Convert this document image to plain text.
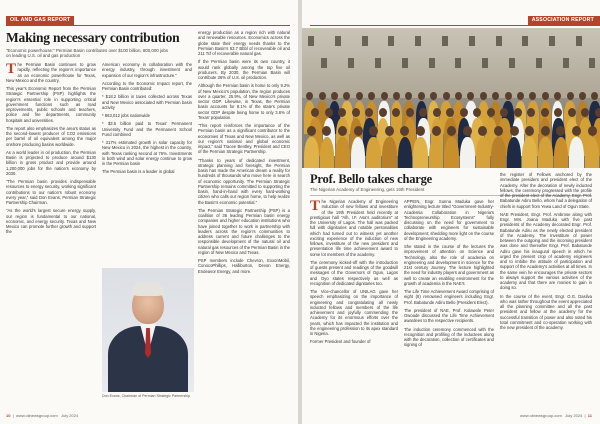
OIL AND GAS REPORT
Making necessary contribution
"Economic powerhouse:" Permian Basin contributes over $100 billion, 800,000 jobs on leading U.S. oil and gas production

The Permian Basin continues to grow rapidly, reflecting the region's importance as an economic powerhouse for Texas, New Mexico and the country.

This year's Economic Report from the Permian Strategic Partnership (PSP) highlights the region's essential role in supporting critical government functions such as road improvements, public schools and teachers, police and fire departments, community hospitals and universities.

The report also emphasizes the area's status as the second-lowest producer of CO2 emissions per barrel of oil equivalent among the major onshore producing basins worldwide.

As a world leader in oil production, the Permian Basin is projected to produce around $130 billion in gross product and provide around 1,200,000 jobs for the nation's economy by 2030.

"The Permian basin provides indispensable resources to energy security, working significant contributions to our nation's robust economy every year," said Don Evans, Permian Strategic Partnership Chairman.

"As the world's largest secure energy supply, our region is fundamental to our national, economic, and energy security. Texas and New Mexico can promote further growth and support the

American economy in collaboration with the energy industry, through investment and expansion of our region's infrastructure."

According to the Economic Impact report, the Permian Basin contributed:

* $18.2 billion in taxes collected across Texas and New Mexico associated with Permian basin activity

* 863,012 jobs nationwide

* $3.6 billion paid to Texas' Permanent University Fund and the Permanent School Fund combined

* 317% estimated growth in solar capacity for New Mexico in 2024, the highest in the country, with Texas ranking second at 76%. Investments in both wind and solar energy continue to grow in the Permian basin

The Permian basin is a leader in global

Don Evans, Chairman of Permian Strategic Partnership

energy production as a region rich with natural and renewable resources. Economics across the globe state their energy needs thanks to the Permian Basin's 93.7 Bbbl of recoverable oil and 211 Tcf of recoverable natural gas.

If the Permian basin were its own country, it would rank globally among the top five oil producers. By 2030, the Permian Basin will contribute 36% of U.S. oil production.

Although the Permian basin is home to only 9.2% of New Mexico's population, the region produces over a quarter, 25.9%, of New Mexico's private sector GDP. Likewise, in Texas, the Permian basin accounts for 8.1% of the state's private sector GDP despite being home to only 3.6% of Texas' population.

"This report reinforces the importance of the Permian basin as a significant contributor to the economies of Texas and New Mexico, as well as our region's national and global economic impact," said Tracee Bentley, President and CEO of the Permian Strategic Partnership.

"Thanks to years of dedicated investment, strategic planning and foresight, the Permian basin has made the American dream a reality for hundreds of thousands who move here in search of economic opportunity. The Permian Strategic Partnership remains committed to supporting the basin, hand-in-hand with every hard-working citizen who calls our region home, to help realize the Basin's economic potential."

The Permian Strategic Partnership (PSP) is a coalition of 36 leading Permian basin energy companies and higher education institutions who have joined together to work in partnership with leaders across the region's communities to address current and future challenges to the responsible development of the natural oil and natural gas resources of the Permian Basin in the region of New Mexico and Texas.

PSP members include Chevron, ExxonMobil, ConocoPhillips, Halliburton, Devon Energy, Endeavor Energy, and more.

10  |  www.oilnewsgroup.com July 2024
ASSOCIATION REPORT
Prof. Bello takes charge
The Nigerian Academy of Engineering, gets 19th President

The Nigerian Academy of Engineering Induction of new fellows and investiture of the 19th President held recently at prestigious hall "Alh. I.F. Asa's auditorium" at the University of Lagos. The hall was packed full with dignitaries and notable personalities which had turned out to witness yet another exciting experience of the induction of new fellows, investiture of the new president and presentation life time achievement award to some lot members of the academy.

The ceremony kicked-off with the introduction of guests present and readings of the goodwill messages of the Governors of Ogun, Lagos and Oyo states respectively as well as recognition of dedicated dignitaries too.

The Vice-chancellor of UNILAG gave her speech emphasizing on the importance of engineering and congratulating all newly inducted fellows and members of the life achievement and joyfully commending the Academy for its enormous efforts over the years, which has impacted the institution and the engineering profession to its apex standard in Nigeria.

Former President and founder of

APPEIN, Engr. Sunna Maduka gave her enlightening lecture titled "Government-Industry-Academia Collaboration in Nigeria's Technopreneurship Ecosystems" fully discussing on the need for government to collaborate with engineers for sustainable development; shedding more light on the course of the Engineering academy.

She stated in the course of the lectures the improvement of attention on Science and Technology, also the role of academia on engineering and development in science for the 21st century Journey. The lecture highlighted the need for industry players and government as well to create an enabling environment for the growth of academia in the NAE's

The Life Time Achievement Award comprising of eight (8) renowned engineers including Engr. Prof. Babatunde Adiru Bello (President Elect).

The president of NAE, Prof. Kolawole Peter Owoade discussed the Life Time Achievement awardees to the respective recipients.

The induction ceremony commenced with the recognition and profiling of the inductees along with the decoration, collection of certificates and signing of

the register of Fellows anchored by the immediate president and president elect of the Academy. After the decoration of newly inducted fellows, the ceremony progressed with the profile of the president elect of the Academy, Engr. Prof. Babatunde Adiru Bello, whom had a delegation of chiefs in support from Yewa Land of Ogun State.

NAE President, Engr. Prof. Ambrose along with Engr. Mrs. Joana Maduka with five past presidents of the Academy decorated Engr. Prof. Babatunde Adiru as the newly elected president of the Academy. The Investiture of power between the outgoing and the incoming president was done and thereafter Engr. Prof. Babatunde Adiru gave his inaugural speech in which he urged the present crop of academy engineers and to imbibe the attitude of participation and support of the Academy's activities at all times. In the same vein he encourages the private sectors to always support the various activities of the academy and that there are monies to gain in doing so.

In the course of the event, Engr. O.G. Dasilva who was rather throughout the event appreciated all the planning committee and all the past president and fellow at the academy for the successful transition of power and also noted his total commitment and co-operation working with the new president of the academy.

www.oilnewsgroup.com July 2024  |  11
